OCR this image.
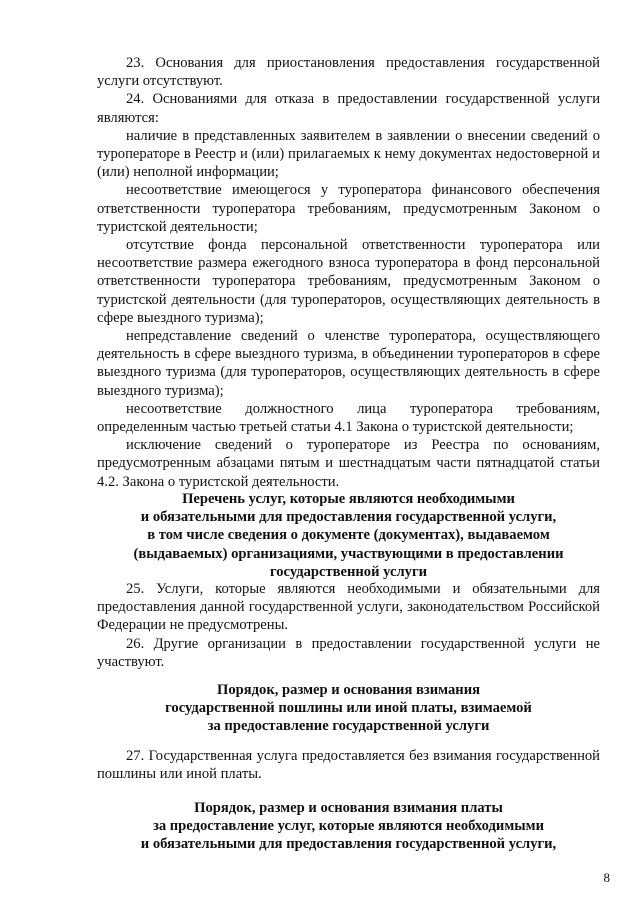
23. Основания для приостановления предоставления государственной услуги отсутствуют.

24. Основаниями для отказа в предоставлении государственной услуги являются:

наличие в представленных заявителем в заявлении о внесении сведений о туроператоре в Реестр и (или) прилагаемых к нему документах недостоверной и (или) неполной информации;

несоответствие имеющегося у туроператора финансового обеспечения ответственности туроператора требованиям, предусмотренным Законом о туристской деятельности;

отсутствие фонда персональной ответственности туроператора или несоответствие размера ежегодного взноса туроператора в фонд персональной ответственности туроператора требованиям, предусмотренным Законом о туристской деятельности (для туроператоров, осуществляющих деятельность в сфере выездного туризма);

непредставление сведений о членстве туроператора, осуществляющего деятельность в сфере выездного туризма, в объединении туроператоров в сфере выездного туризма (для туроператоров, осуществляющих деятельность в сфере выездного туризма);

несоответствие должностного лица туроператора требованиям, определенным частью третьей статьи 4.1 Закона о туристской деятельности;

исключение сведений о туроператоре из Реестра по основаниям, предусмотренным абзацами пятым и шестнадцатым части пятнадцатой статьи 4.2. Закона о туристской деятельности.

Перечень услуг, которые являются необходимыми
и обязательными для предоставления государственной услуги,
в том числе сведения о документе (документах), выдаваемом
(выдаваемых) организациями, участвующими в предоставлении
государственной услуги

25. Услуги, которые являются необходимыми и обязательными для предоставления данной государственной услуги, законодательством Российской Федерации не предусмотрены.

26. Другие организации в предоставлении государственной услуги не участвуют.

Порядок, размер и основания взимания
государственной пошлины или иной платы, взимаемой
за предоставление государственной услуги

27. Государственная услуга предоставляется без взимания государственной пошлины или иной платы.

Порядок, размер и основания взимания платы
за предоставление услуг, которые являются необходимыми
и обязательными для предоставления государственной услуги,
8
